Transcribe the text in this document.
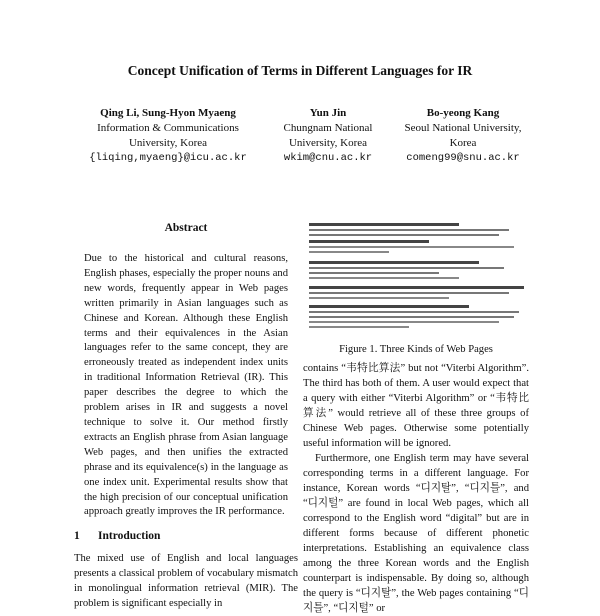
Concept Unification of Terms in Different Languages for IR
Qing Li, Sung-Hyon Myaeng
Information & Communications
University, Korea
{liqing,myaeng}@icu.ac.kr
Yun Jin
Chungnam National
University, Korea
wkim@cnu.ac.kr
Bo-yeong Kang
Seoul National University,
Korea
comeng99@snu.ac.kr
Abstract
Due to the historical and cultural reasons, English phases, especially the proper nouns and new words, frequently appear in Web pages written primarily in Asian languages such as Chinese and Korean. Although these English terms and their equivalences in the Asian languages refer to the same concept, they are erroneously treated as independent index units in traditional Information Retrieval (IR). This paper describes the degree to which the problem arises in IR and suggests a novel technique to solve it. Our method firstly extracts an English phrase from Asian language Web pages, and then unifies the extracted phrase and its equivalence(s) in the language as one index unit. Experimental results show that the high precision of our conceptual unification approach greatly improves the IR performance.
1 Introduction
The mixed use of English and local languages presents a classical problem of vocabulary mismatch in monolingual information retrieval (MIR). The problem is significant especially in
Figure 1. Three Kinds of Web Pages

contains “韦特比算法” but not “Viterbi Algorithm”. The third has both of them. A user would expect that a query with either “Viterbi Algorithm” or “韦特比算法” would retrieve all of these three groups of Chinese Web pages. Otherwise some potentially useful information will be ignored.

Furthermore, one English term may have several corresponding terms in a different language. For instance, Korean words “디지탈”, “디지틀”, and “디지털” are found in local Web pages, which all correspond to the English word “digital” but are in different forms because of different phonetic interpretations. Establishing an equivalence class among the three Korean words and the English counterpart is indispensable. By doing so, although the query is “디지탈”, the Web pages containing “디지틀”, “디지털” or
